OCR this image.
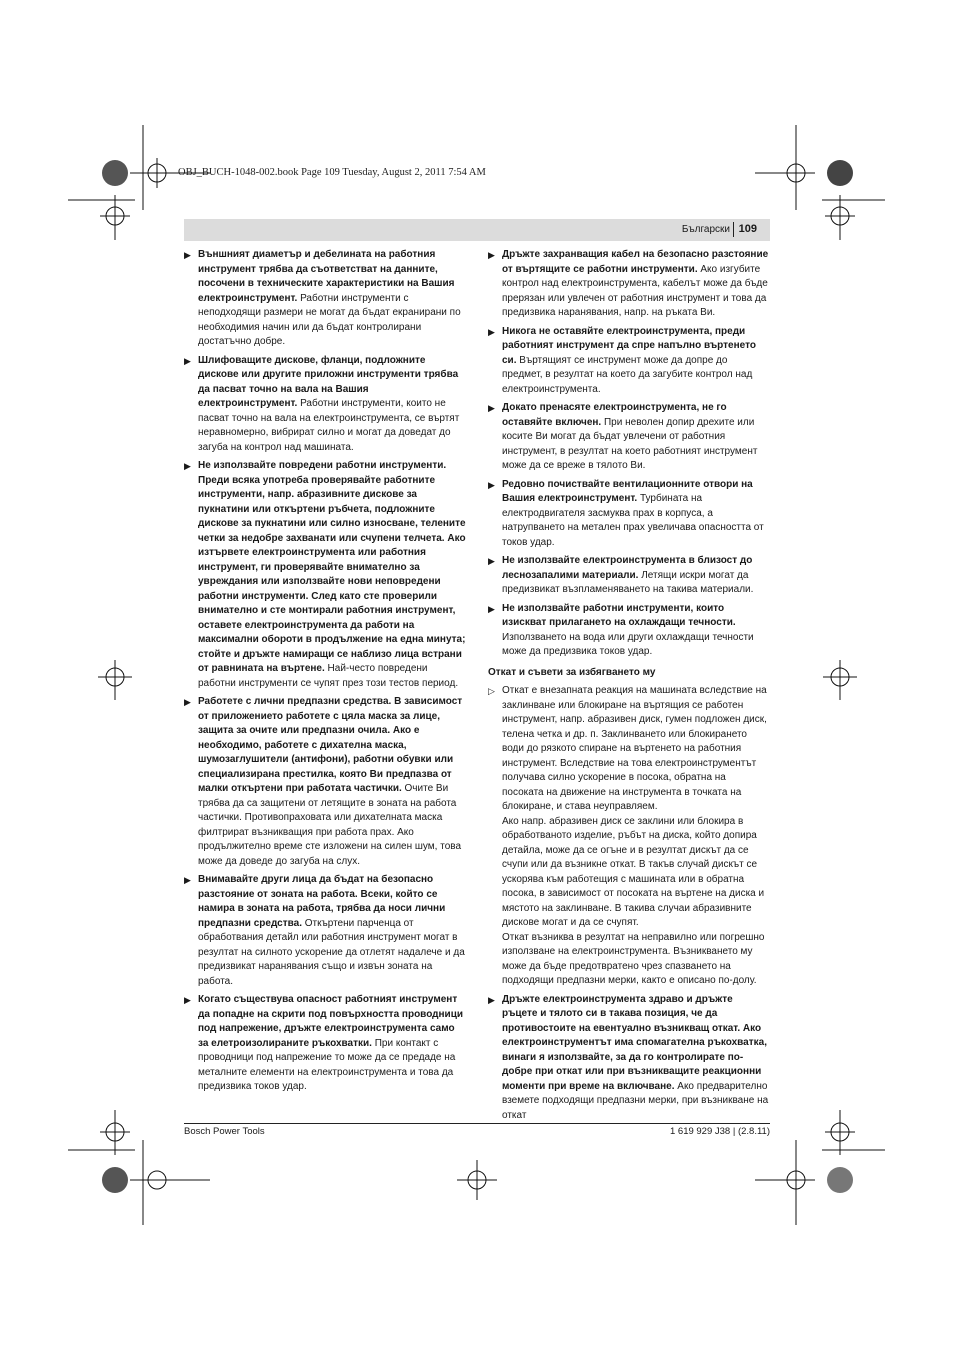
OBJ_BUCH-1048-002.book Page 109 Tuesday, August 2, 2011 7:54 AM
Български 109
▶ Външният диаметър и дебелината на работния инструмент трябва да съответстват на данните, посочени в техническите характеристики на Вашия електроинструмент. Работни инструменти с неподходящи размери не могат да бъдат екранирани по необходимия начин или да бъдат контролирани достатъчно добре.
▶ Шлифоващите дискове, фланци, подложните дискове или другите приложни инструменти трябва да пасват точно на вала на Вашия електроинструмент. Работни инструменти, които не пасват точно на вала на електроинструмента, се въртят неравномерно, вибрират силно и могат да доведат до загуба на контрол над машината.
▶ Не използвайте повредени работни инструменти. Преди всяка употреба проверявайте работните инструменти, напр. абразивните дискове за пукнатини или откъртени ръбчета, подложните дискове за пукнатини или силно износване, телените четки за недобре захванати или счупени телчета. Ако изтървете електроинструмента или работния инструмент, ги проверявайте внимателно за увреждания или използвайте нови неповредени работни инструменти. След като сте проверили внимателно и сте монтирали работния инструмент, оставете електроинструмента да работи на максимални обороти в продължение на една минута; стойте и дръжте намиращи се наблизо лица встрани от равнината на въртене. Най-често повредени работни инструменти се чупят през този тестов период.
▶ Работете с лични предпазни средства. В зависимост от приложението работете с цяла маска за лице, защита за очите или предпазни очила. Ако е необходимо, работете с дихателна маска, шумозаглушители (антифони), работни обувки или специализирана престилка, която Ви предпазва от малки откъртени при работата частички. Очите Ви трябва да са защитени от летящите в зоната на работа частички. Противопраховата или дихателната маска филтрират възникващия при работа прах. Ако продължително време сте изложени на силен шум, това може да доведе до загуба на слух.
▶ Внимавайте други лица да бъдат на безопасно разстояние от зоната на работа. Всеки, който се намира в зоната на работа, трябва да носи лични предпазни средства. Откъртени парченца от обработвания детайл или работния инструмент могат в резултат на силното ускорение да отлетят надалече и да предизвикат наранявания също и извън зоната на работа.
▶ Когато съществува опасност работният инструмент да попадне на скрити под повърхността проводници под напрежение, дръжте електроинструмента само за елетроизолираните ръкохватки. При контакт с проводници под напрежение то може да се предаде на металните елементи на електроинструмента и това да предизвика токов удар.
▶ Дръжте захранващия кабел на безопасно разстояние от въртящите се работни инструменти. Ако изгубите контрол над електроинструмента, кабелът може да бъде прерязан или увлечен от работния инструмент и това да предизвика наранявания, напр. на ръката Ви.
▶ Никога не оставяйте електроинструмента, преди работният инструмент да спре напълно въртенето си. Въртящият се инструмент може да допре до предмет, в резултат на което да загубите контрол над електроинструмента.
▶ Докато пренасяте електроинструмента, не го оставяйте включен. При неволен допир дрехите или косите Ви могат да бъдат увлечени от работния инструмент, в резултат на което работният инструмент може да се вреже в тялото Ви.
▶ Редовно почиствайте вентилационните отвори на Вашия електроинструмент. Турбината на електродвигателя засмуква прах в корпуса, а натрупването на метален прах увеличава опасността от токов удар.
▶ Не използвайте електроинструмента в близост до леснозапалими материали. Летящи искри могат да предизвикат възпламеняването на такива материали.
▶ Не използвайте работни инструменти, които изискват прилагането на охлаждащи течности. Използването на вода или други охлаждащи течности може да предизвика токов удар.
Откат и съвети за избягването му
▷ Откат е внезапната реакция на машината вследствие на заклинване или блокиране на въртящия се работен инструмент, напр. абразивен диск, гумен подложен диск, телена четка и др. п. Заклинването или блокирането води до рязкото спиране на въртенето на работния инструмент. Вследствие на това електроинструментът получава силно ускорение в посока, обратна на посоката на движение на инструмента в точката на блокиране, и става неуправляем.

Ако напр. абразивен диск се заклини или блокира в обработваното изделие, ръбът на диска, който допира детайла, може да се огъне и в резултат дискът да се счупи или да възникне откат. В такъв случай дискът се ускорява към работещия с машината или в обратна посока, в зависимост от посоката на въртене на диска и мястото на заклинване. В такива случаи абразивните дискове могат и да се счупят.

Откат възниква в резултат на неправилно или погрешно използване на електроинструмента. Възникването му може да бъде предотвратено чрез спазването на подходящи предпазни мерки, както е описано по-долу.

▶ Дръжте електроинструмента здраво и дръжте ръцете и тялото си в такава позиция, че да противостоите на евентуално възникващ откат. Ако електроинструментът има спомагателна ръкохватка, винаги я използвайте, за да го контролирате по-добре при откат или при възникващите реакционни моменти при време на включване. Ако предварително вземете подходящи предпазни мерки, при възникване на откат
Bosch Power Tools	1 619 929 J38 | (2.8.11)
